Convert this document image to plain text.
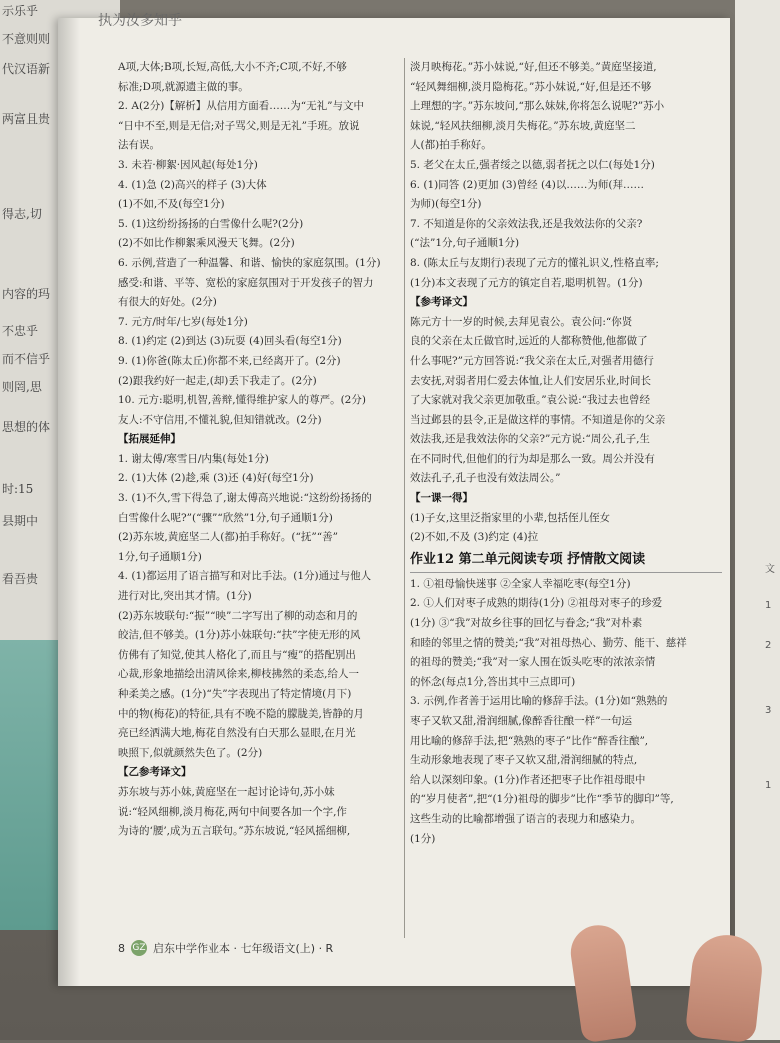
示乐乎
不意则则
代汉语新
两富且贵
得志,切
内容的玛
不忠乎
而不信乎
则罔,思
思想的体
时:15
县期中
看吾贵
文
1
2
3
1
执为汝多知乎
A项,大体;B项,长短,高低,大小不齐;C项,不好,不够
标准;D项,就源遗主做的事。
2. A(2分)【解析】从信用方面看……为“无礼”与文中
“日中不至,则是无信;对子骂父,则是无礼”手班。放说
法有误。
3. 未若·柳絮·因风起(每处1分)
4. (1)急 (2)高兴的样子 (3)大体
(1)不如,不及(每空1分)
5. (1)这纷纷扬扬的白雪像什么呢?(2分)
(2)不如比作柳絮乘风漫天飞舞。(2分)
6. 示例,营造了一种温馨、和谐、愉快的家庭氛围。(1分)
感受:和谐、平等、宽松的家庭氛围对于开发孩子的智力
有很大的好处。(2分)
7. 元方/时年/七岁(每处1分)
8. (1)约定 (2)到达 (3)玩耍 (4)回头看(每空1分)
9. (1)你爸(陈太丘)你都不来,已经离开了。(2分)
(2)跟我约好一起走,(却)丢下我走了。(2分)
10. 元方:聪明,机智,善辩,懂得维护家人的尊严。(2分)
友人:不守信用,不懂礼貌,但知错就改。(2分)
【拓展延伸】
1. 谢太傅/寒雪日/内集(每处1分)
2. (1)大体 (2)趁,乘 (3)还 (4)好(每空1分)
3. (1)不久,雪下得急了,谢太傅高兴地说:“这纷纷扬扬的
白雪像什么呢?”(“骤”“欣然”1分,句子通顺1分)
(2)苏东坡,黄庭坚二人(都)拍手称好。(“抚”“善”
1分,句子通顺1分)
4. (1)都运用了语言描写和对比手法。(1分)通过与他人
进行对比,突出其才情。(1分)
(2)苏东坡联句:“振”“映”二字写出了柳的动态和月的
皎洁,但不够美。(1分)苏小妹联句:“扶”字使无形的风
仿佛有了知觉,使其人格化了,而且与“瘦”的搭配别出
心裁,形象地描绘出清风徐来,柳枝拂然的柔态,给人一
种柔美之感。(1分)“失”字表现出了特定情境(月下)
中的物(梅花)的特征,具有不晚不隐的朦胧美,皆静的月
亮已经洒满大地,梅花自然没有白天那么显眼,在月光
映照下,似就颜然失色了。(2分)
【乙参考译文】
苏东坡与苏小妹,黄庭坚在一起讨论诗句,苏小妹
说:“轻风细柳,淡月梅花,两句中间要各加一个字,作
为诗的‘腰’,成为五言联句。”苏东坡说,“轻风摇细柳,
淡月映梅花。”苏小妹说,“好,但还不够美。”黄庭坚接道,
“轻风舞细柳,淡月隐梅花。”苏小妹说,“好,但是还不够
上理想的字。”苏东坡问,“那么妹妹,你将怎么说呢?”苏小
妹说,“轻风扶细柳,淡月失梅花。”苏东坡,黄庭坚二
人(都)拍手称好。
5. 老父在太丘,强者绥之以德,弱者抚之以仁(每处1分)
6. (1)同答 (2)更加 (3)曾经 (4)以……为师(拜……
为师)(每空1分)
7. 不知道是你的父亲效法我,还是我效法你的父亲?
(“法”1分,句子通顺1分)
8. (陈太丘与友期行)表现了元方的懂礼识义,性格直率;
(1分)本文表现了元方的镇定自若,聪明机智。(1分)
【参考译文】
陈元方十一岁的时候,去拜见袁公。袁公问:“你贤
良的父亲在太丘做官时,远近的人都称赞他,他都做了
什么事呢?”元方回答说:“我父亲在太丘,对强者用德行
去安抚,对弱者用仁爱去体恤,让人们安居乐业,时间长
了大家就对我父亲更加敬重。”袁公说:“我过去也曾经
当过邺县的县令,正是做这样的事情。不知道是你的父亲
效法我,还是我效法你的父亲?”元方说:“周公,孔子,生
在不同时代,但他们的行为却是那么一致。周公并没有
效法孔子,孔子也没有效法周公。”
【一课一得】
(1)子女,这里泛指家里的小辈,包括侄儿侄女
(2)不如,不及 (3)约定 (4)拉
作业12 第二单元阅读专项 抒情散文阅读
1. ①祖母愉快迷事 ②全家人幸福吃枣(每空1分)
2. ①人们对枣子成熟的期待(1分) ②祖母对枣子的珍爱
(1分) ③“我”对故乡往事的回忆与眷念;“我”对朴素
和睦的邻里之情的赞美;“我”对祖母热心、勤劳、能干、慈祥
的祖母的赞美;“我”对一家人围在饭头吃枣的浓浓亲情
的怀念(每点1分,答出其中三点即可)
3. 示例,作者善于运用比喻的修辞手法。(1分)如“熟熟的
枣子又软又甜,滑润细腻,像醉香往酿一样”一句运
用比喻的修辞手法,把“熟熟的枣子”比作“醉香往酿”,
生动形象地表现了枣子又软又甜,滑润细腻的特点,
给人以深刻印象。(1分)作者还把枣子比作祖母眼中
的“岁月使者”,把“(1分)祖母的脚步”比作“季节的脚印”等,
这些生动的比喻都增强了语言的表现力和感染力。
(1分)
8 GZ 启东中学作业本 · 七年级语文(上) · R
